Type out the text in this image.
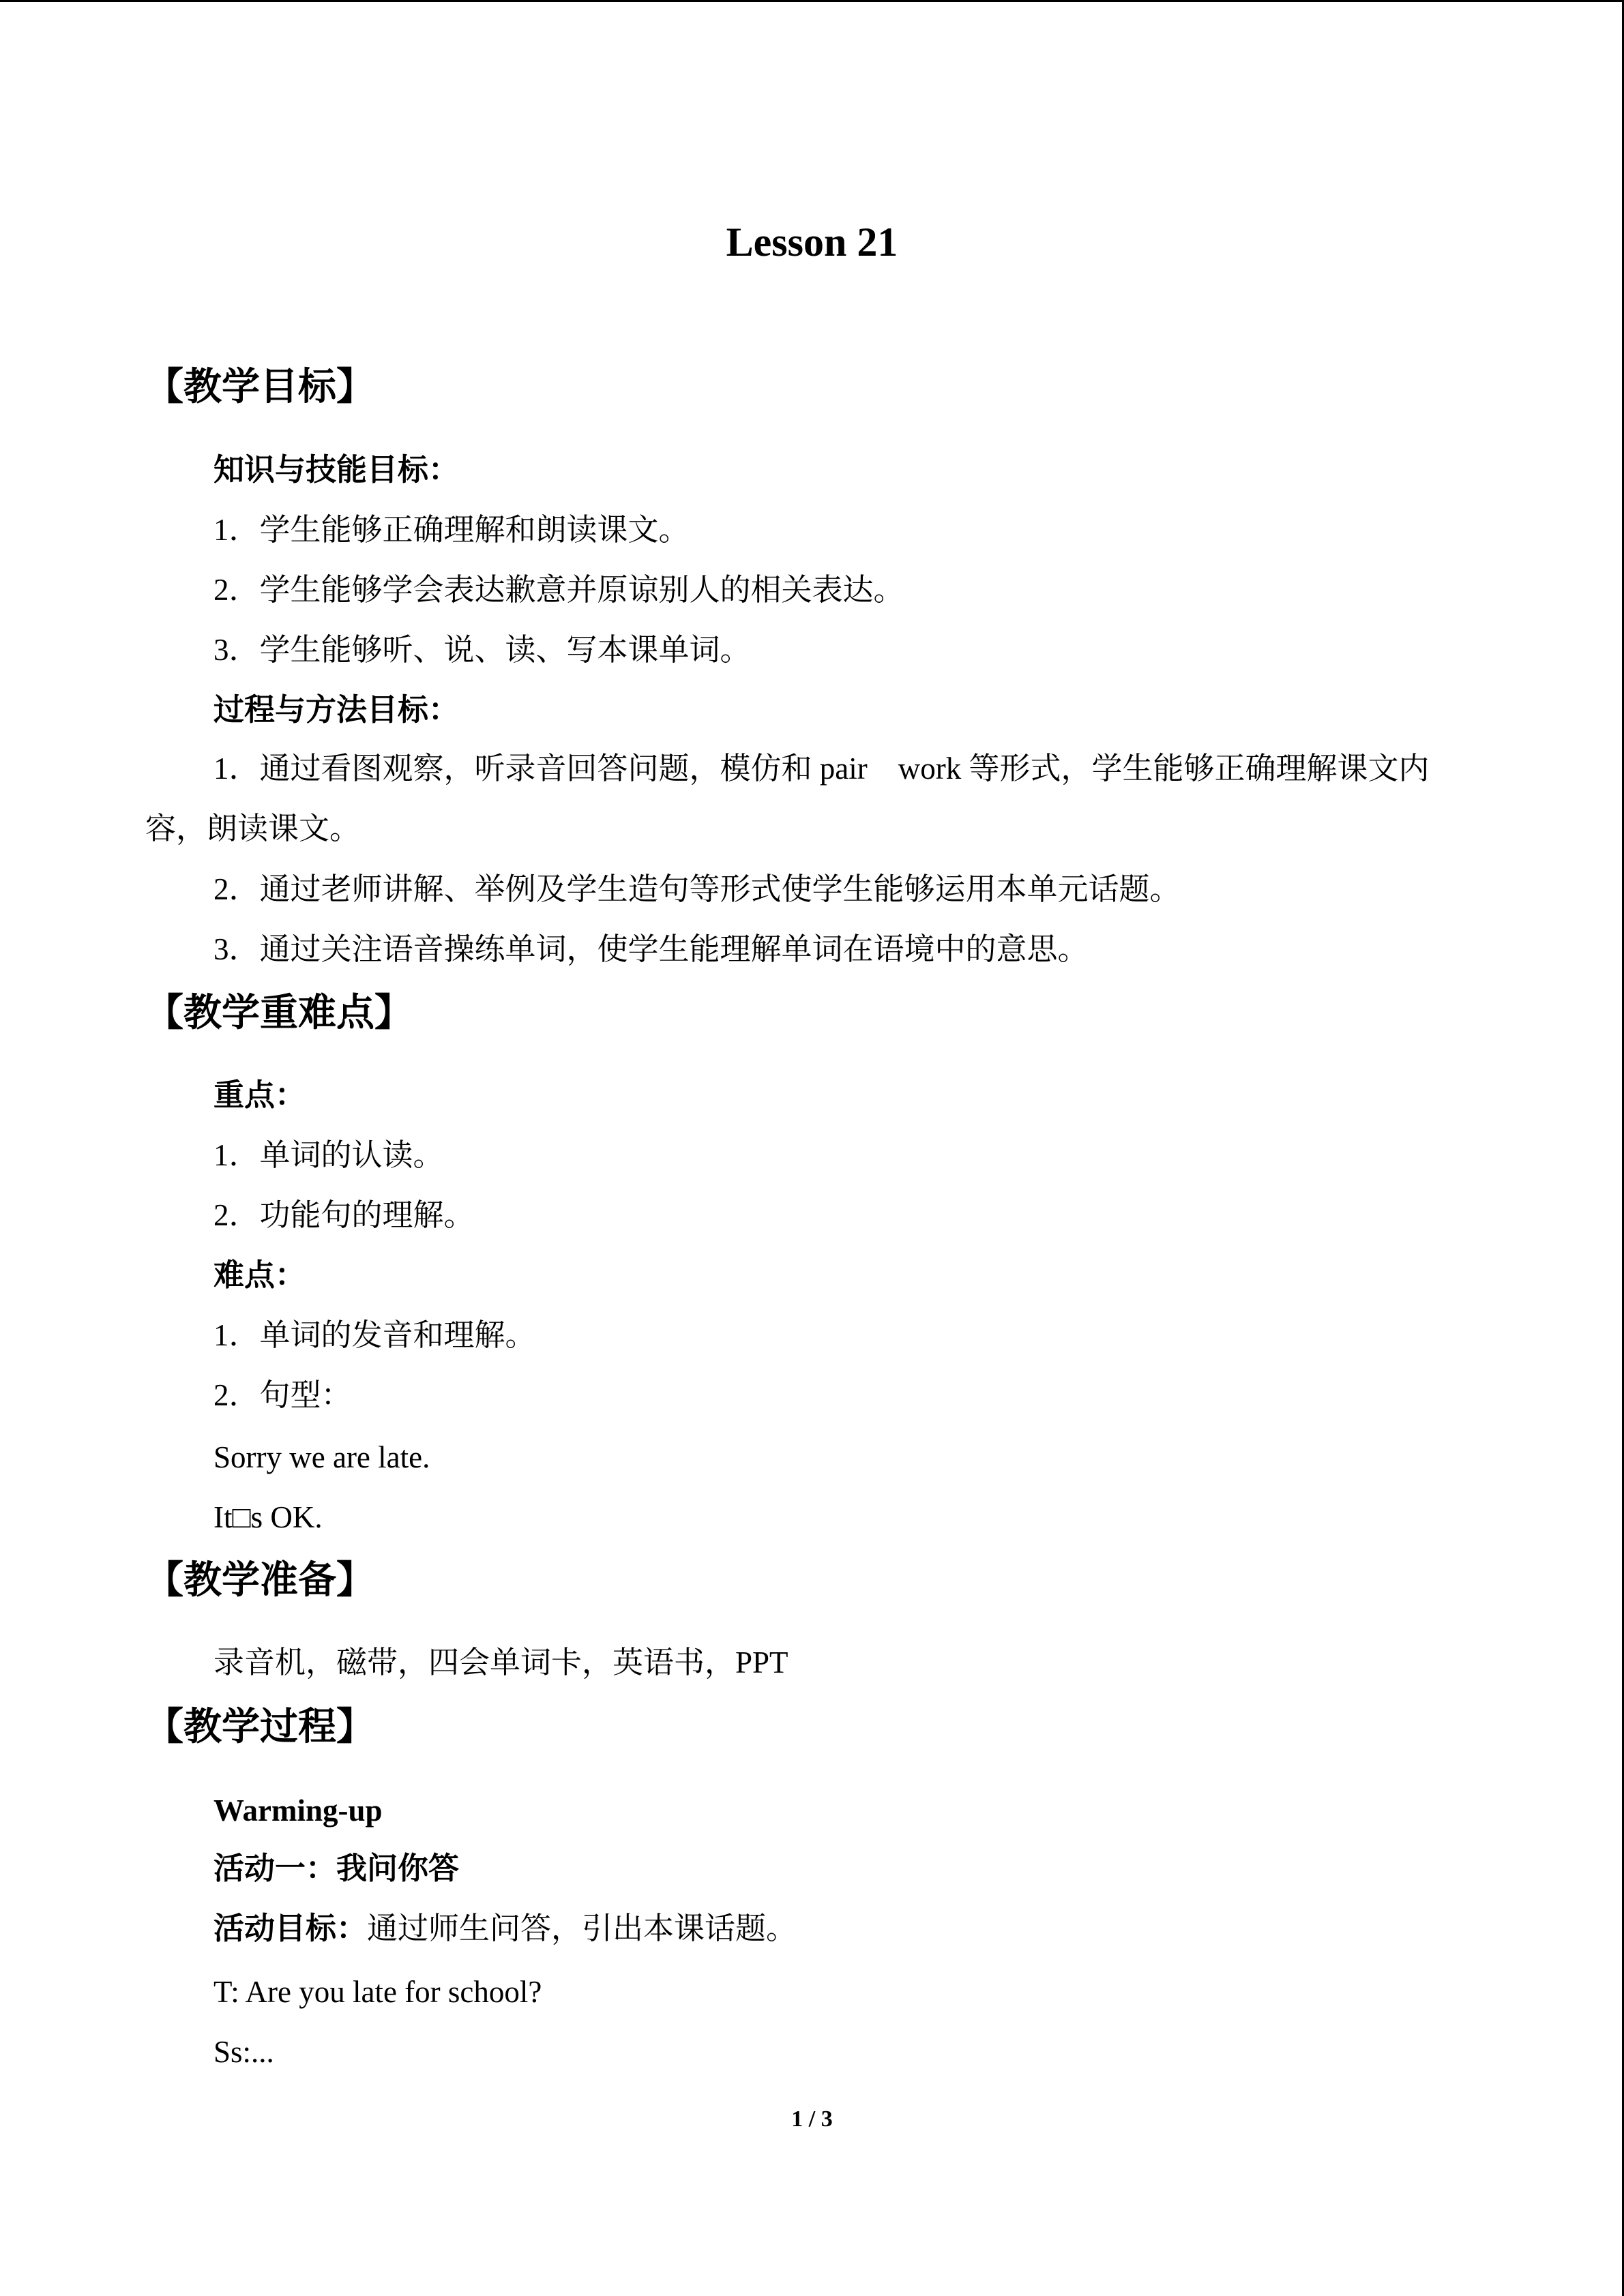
Lesson 21
【教学目标】
知识与技能目标：
1．学生能够正确理解和朗读课文。
2．学生能够学会表达歉意并原谅别人的相关表达。
3．学生能够听、说、读、写本课单词。
过程与方法目标：
1．通过看图观察，听录音回答问题，模仿和 pair　work 等形式，学生能够正确理解课文内容，朗读课文。
2．通过老师讲解、举例及学生造句等形式使学生能够运用本单元话题。
3．通过关注语音操练单词，使学生能理解单词在语境中的意思。
【教学重难点】
重点：
1．单词的认读。
2．功能句的理解。
难点：
1．单词的发音和理解。
2．句型：
Sorry we are late.
It□s OK.
【教学准备】
录音机，磁带，四会单词卡，英语书，PPT
【教学过程】
Warming-up
活动一：我问你答
活动目标：通过师生问答，引出本课话题。
T: Are you late for school?
Ss:...
1 / 3
